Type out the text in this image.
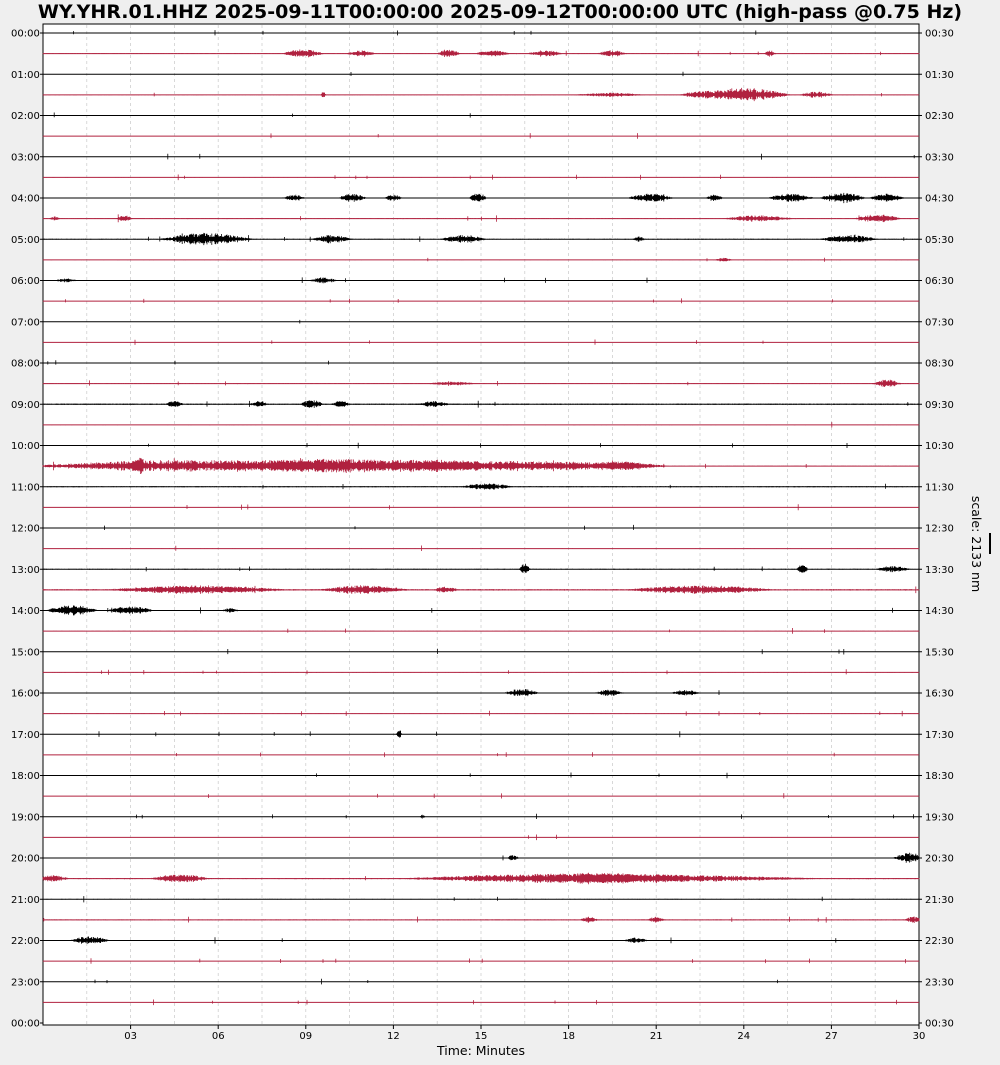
WY.YHR.01.HHZ 2025-09-11T00:00:00 2025-09-12T00:00:00 UTC (high-pass @0.75 Hz)
03	06	09	12	15	18	21	24	27	30
00:00
01:00
02:00
03:00
04:00
05:00
06:00
07:00
08:00
09:00
10:00
11:00
12:00
13:00
14:00
15:00
16:00
17:00
18:00
19:00
20:00
21:00
22:00
23:00
00:00
00:30
01:30
02:30
03:30
04:30
05:30
06:30
07:30
08:30
09:30
10:30
11:30
12:30
13:30
14:30
15:30
16:30
17:30
18:30
19:30
20:30
21:30
22:30
23:30
00:30
Time: Minutes
scale: 2133 nm
